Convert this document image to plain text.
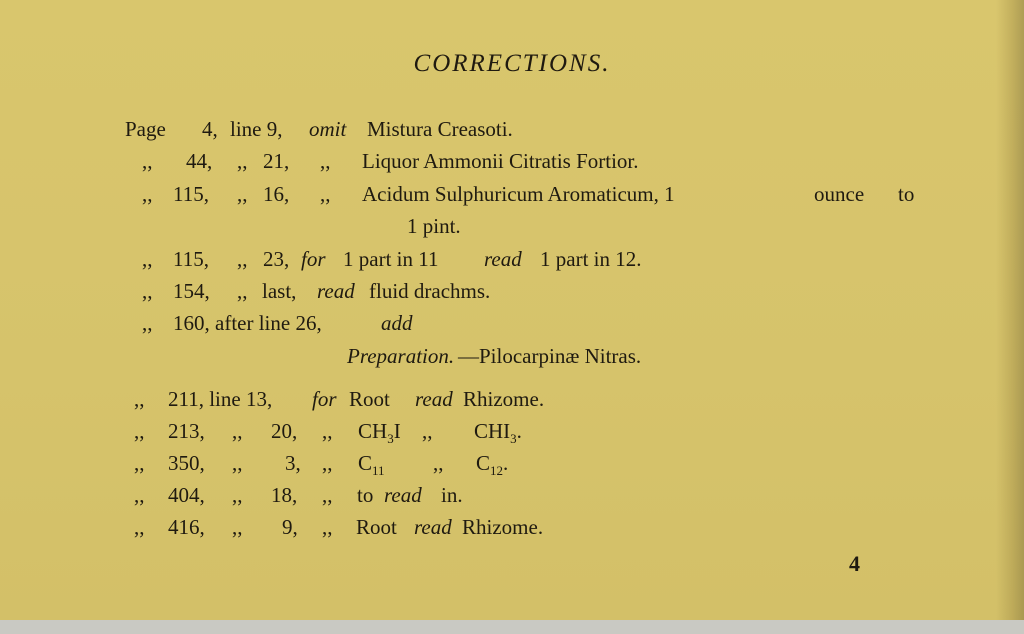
CORRECTIONS.
Page 4, line 9, omit Mistura Creasoti.
,, 44, ,, 21, ,, Liquor Ammonii Citratis Fortior.
,, 115, ,, 16, ,, Acidum Sulphuricum Aromaticum, 1	ounce to
1 pint.
,, 115, ,, 23, for 1 part in 11 read 1 part in 12.
,, 154, ,, last, read fluid drachms.
,, 160, after line 26,	add
Preparation. —Pilocarpinæ Nitras.
,, 211, line 13, for Root read Rhizome.
,, 213, ,, 20, ,, $CH_3I$ ,, $CHI_3$.
,, 350, ,, 3, ,, $C_{11}$ ,, $C_{12}$.
,, 404, ,, 18, ,, to read in.
,, 416, ,, 9, ,, Root read Rhizome.
4
